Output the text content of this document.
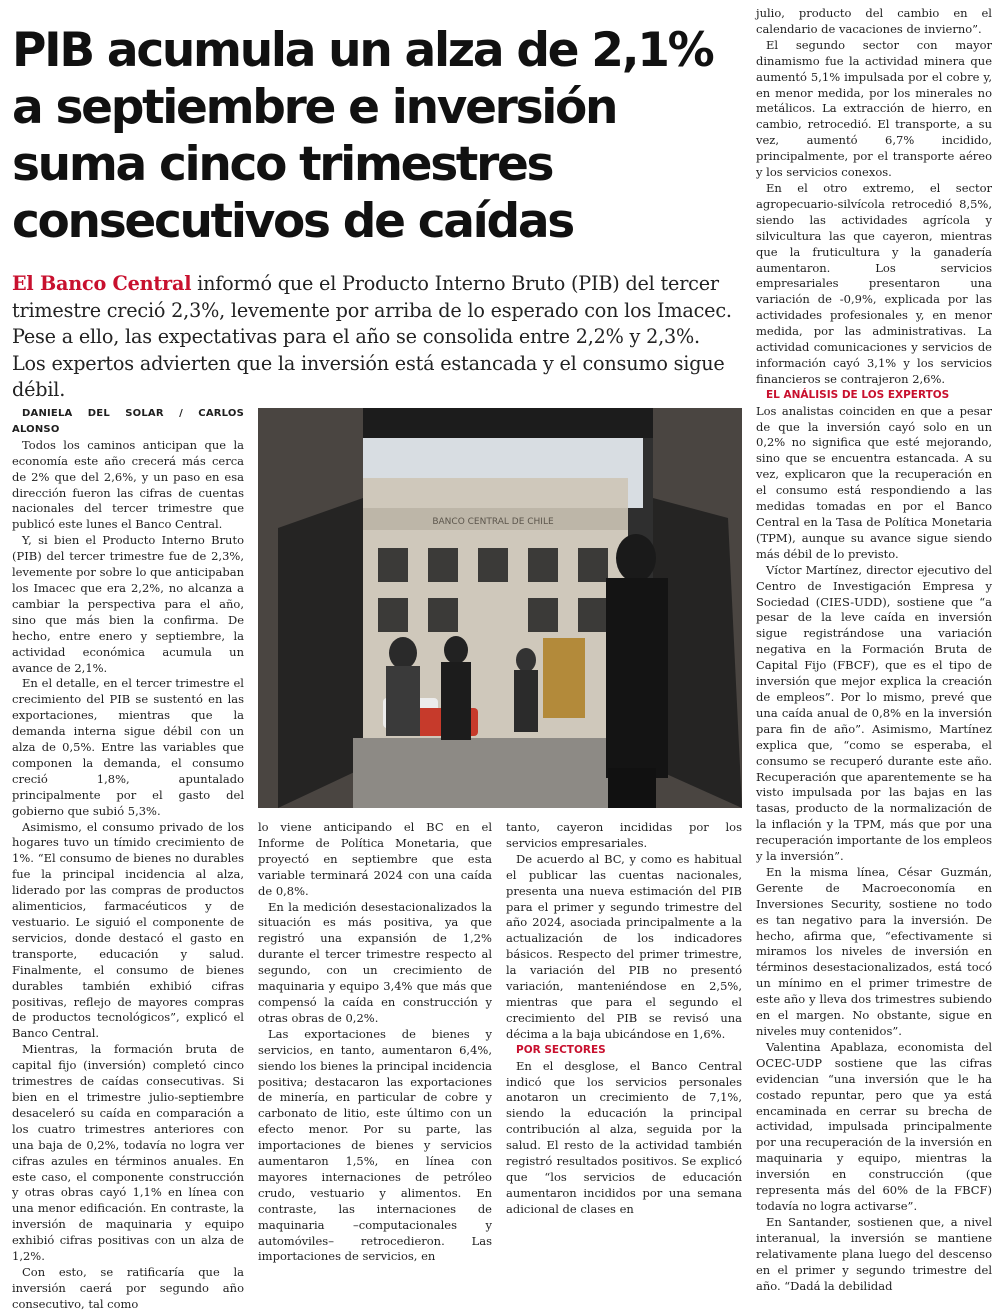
PIB acumula un alza de 2,1% a septiembre e inversión suma cinco trimestres consecutivos de caídas

El Banco Central informó que el Producto Interno Bruto (PIB) del tercer trimestre creció 2,3%, levemente por arriba de lo esperado con los Imacec. Pese a ello, las expectativas para el año se consolida entre 2,2% y 2,3%. Los expertos advierten que la inversión está estancada y el consumo sigue débil.

DANIELA DEL SOLAR / CARLOS ALONSO

Todos los caminos anticipan que la economía este año crecerá más cerca de 2% que del 2,6%, y un paso en esa dirección fueron las cifras de cuentas nacionales del tercer trimestre que publicó este lunes el Banco Central.

Y, si bien el Producto Interno Bruto (PIB) del tercer trimestre fue de 2,3%, levemente por sobre lo que anticipaban los Imacec que era 2,2%, no alcanza a cambiar la perspectiva para el año, sino que más bien la confirma. De hecho, entre enero y septiembre, la actividad económica acumula un avance de 2,1%.

En el detalle, en el tercer trimestre el crecimiento del PIB se sustentó en las exportaciones, mientras que la demanda interna sigue débil con un alza de 0,5%. Entre las variables que componen la demanda, el consumo creció 1,8%, apuntalado principalmente por el gasto del gobierno que subió 5,3%.

Asimismo, el consumo privado de los hogares tuvo un tímido crecimiento de 1%. “El consumo de bienes no durables fue la principal incidencia al alza, liderado por las compras de productos alimenticios, farmacéuticos y de vestuario. Le siguió el componente de servicios, donde destacó el gasto en transporte, educación y salud. Finalmente, el consumo de bienes durables también exhibió cifras positivas, reflejo de mayores compras de productos tecnológicos”, explicó el Banco Central.

Mientras, la formación bruta de capital fijo (inversión) completó cinco trimestres de caídas consecutivas. Si bien en el trimestre julio-septiembre desaceleró su caída en comparación a los cuatro trimestres anteriores con una baja de 0,2%, todavía no logra ver cifras azules en términos anuales. En este caso, el componente construcción y otras obras cayó 1,1% en línea con una menor edificación. En contraste, la inversión de maquinaria y equipo exhibió cifras positivas con un alza de 1,2%.

Con esto, se ratificaría que la inversión caerá por segundo año consecutivo, tal como

BANCO CENTRAL DE CHILE

lo viene anticipando el BC en el Informe de Política Monetaria, que proyectó en septiembre que esta variable terminará 2024 con una caída de 0,8%.

En la medición desestacionalizados la situación es más positiva, ya que registró una expansión de 1,2% durante el tercer trimestre respecto al segundo, con un crecimiento de maquinaria y equipo 3,4% que más que compensó la caída en construcción y otras obras de 0,2%.

Las exportaciones de bienes y servicios, en tanto, aumentaron 6,4%, siendo los bienes la principal incidencia positiva; destacaron las exportaciones de minería, en particular de cobre y carbonato de litio, este último con un efecto menor. Por su parte, las importaciones de bienes y servicios aumentaron 1,5%, en línea con mayores internaciones de petróleo crudo, vestuario y alimentos. En contraste, las internaciones de maquinaria –computacionales y automóviles– retrocedieron. Las importaciones de servicios, en

tanto, cayeron incididas por los servicios empresariales.

De acuerdo al BC, y como es habitual el publicar las cuentas nacionales, presenta una nueva estimación del PIB para el primer y segundo trimestre del año 2024, asociada principalmente a la actualización de los indicadores básicos. Respecto del primer trimestre, la variación del PIB no presentó variación, manteniéndose en 2,5%, mientras que para el segundo el crecimiento del PIB se revisó una décima a la baja ubicándose en 1,6%.

POR SECTORES

En el desglose, el Banco Central indicó que los servicios personales anotaron un crecimiento de 7,1%, siendo la educación la principal contribución al alza, seguida por la salud. El resto de la actividad también registró resultados positivos. Se explicó que “los servicios de educación aumentaron incididos por una semana adicional de clases en

julio, producto del cambio en el calendario de vacaciones de invierno”.

El segundo sector con mayor dinamismo fue la actividad minera que aumentó 5,1% impulsada por el cobre y, en menor medida, por los minerales no metálicos. La extracción de hierro, en cambio, retrocedió. El transporte, a su vez, aumentó 6,7% incidido, principalmente, por el transporte aéreo y los servicios conexos.

En el otro extremo, el sector agropecuario-silvícola retrocedió 8,5%, siendo las actividades agrícola y silvicultura las que cayeron, mientras que la fruticultura y la ganadería aumentaron. Los servicios empresariales presentaron una variación de -0,9%, explicada por las actividades profesionales y, en menor medida, por las administrativas. La actividad comunicaciones y servicios de información cayó 3,1% y los servicios financieros se contrajeron 2,6%.

EL ANÁLISIS DE LOS EXPERTOS

Los analistas coinciden en que a pesar de que la inversión cayó solo en un 0,2% no significa que esté mejorando, sino que se encuentra estancada. A su vez, explicaron que la recuperación en el consumo está respondiendo a las medidas tomadas en por el Banco Central en la Tasa de Política Monetaria (TPM), aunque su avance sigue siendo más débil de lo previsto.

Víctor Martínez, director ejecutivo del Centro de Investigación Empresa y Sociedad (CIES-UDD), sostiene que “a pesar de la leve caída en inversión sigue registrándose una variación negativa en la Formación Bruta de Capital Fijo (FBCF), que es el tipo de inversión que mejor explica la creación de empleos”. Por lo mismo, prevé que una caída anual de 0,8% en la inversión para fin de año”. Asimismo, Martínez explica que, “como se esperaba, el consumo se recuperó durante este año. Recuperación que aparentemente se ha visto impulsada por las bajas en las tasas, producto de la normalización de la inflación y la TPM, más que por una recuperación importante de los empleos y la inversión”.

En la misma línea, César Guzmán, Gerente de Macroeconomía en Inversiones Security, sostiene no todo es tan negativo para la inversión. De hecho, afirma que, “efectivamente si miramos los niveles de inversión en términos desestacionalizados, está tocó un mínimo en el primer trimestre de este año y lleva dos trimestres subiendo en el margen. No obstante, sigue en niveles muy contenidos”.

Valentina Apablaza, economista del OCEC-UDP sostiene que las cifras evidencian “una inversión que le ha costado repuntar, pero que ya está encaminada en cerrar su brecha de actividad, impulsada principalmente por una recuperación de la inversión en maquinaria y equipo, mientras la inversión en construcción (que representa más del 60% de la FBCF) todavía no logra activarse”.

En Santander, sostienen que, a nivel interanual, la inversión se mantiene relativamente plana luego del descenso en el primer y segundo trimestre del año. “Dadá la debilidad
